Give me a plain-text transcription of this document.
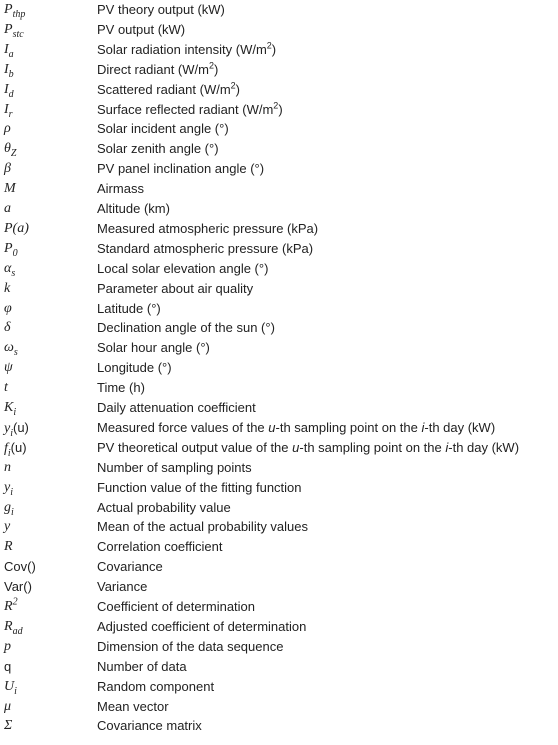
$P_{thp}$	PV theory output (kW)
$P_{stc}$	PV output (kW)
$I_a$	Solar radiation intensity $(W/m^2)$
$I_b$	Direct radiant $(W/m^2)$
$I_d$	Scattered radiant $(W/m^2)$
$I_r$	Surface reflected radiant $(W/m^2)$
ρ	Solar incident angle (°)
$\theta_Z$	Solar zenith angle (°)
β	PV panel inclination angle (°)
M	Airmass
a	Altitude (km)
P(a)	Measured atmospheric pressure (kPa)
$P_0$	Standard atmospheric pressure (kPa)
$\alpha_s$	Local solar elevation angle (°)
k	Parameter about air quality
φ	Latitude (°)
δ	Declination angle of the sun (°)
$\omega_s$	Solar hour angle (°)
ψ	Longitude (°)
t	Time (h)
$K_i$	Daily attenuation coefficient
$y_i(u)$	Measured force values of the u-th sampling point on the i-th day (kW)
$f_i(u)$	PV theoretical output value of the u-th sampling point on the i-th day (kW)
n	Number of sampling points
$y_i$	Function value of the fitting function
$g_i$	Actual probability value
y	Mean of the actual probability values
R	Correlation coefficient
Cov()	Covariance
Var()	Variance
$R^2$	Coefficient of determination
$R_{ad}$	Adjusted coefficient of determination
p	Dimension of the data sequence
q	Number of data
$U_i$	Random component
μ	Mean vector
Σ	Covariance matrix
